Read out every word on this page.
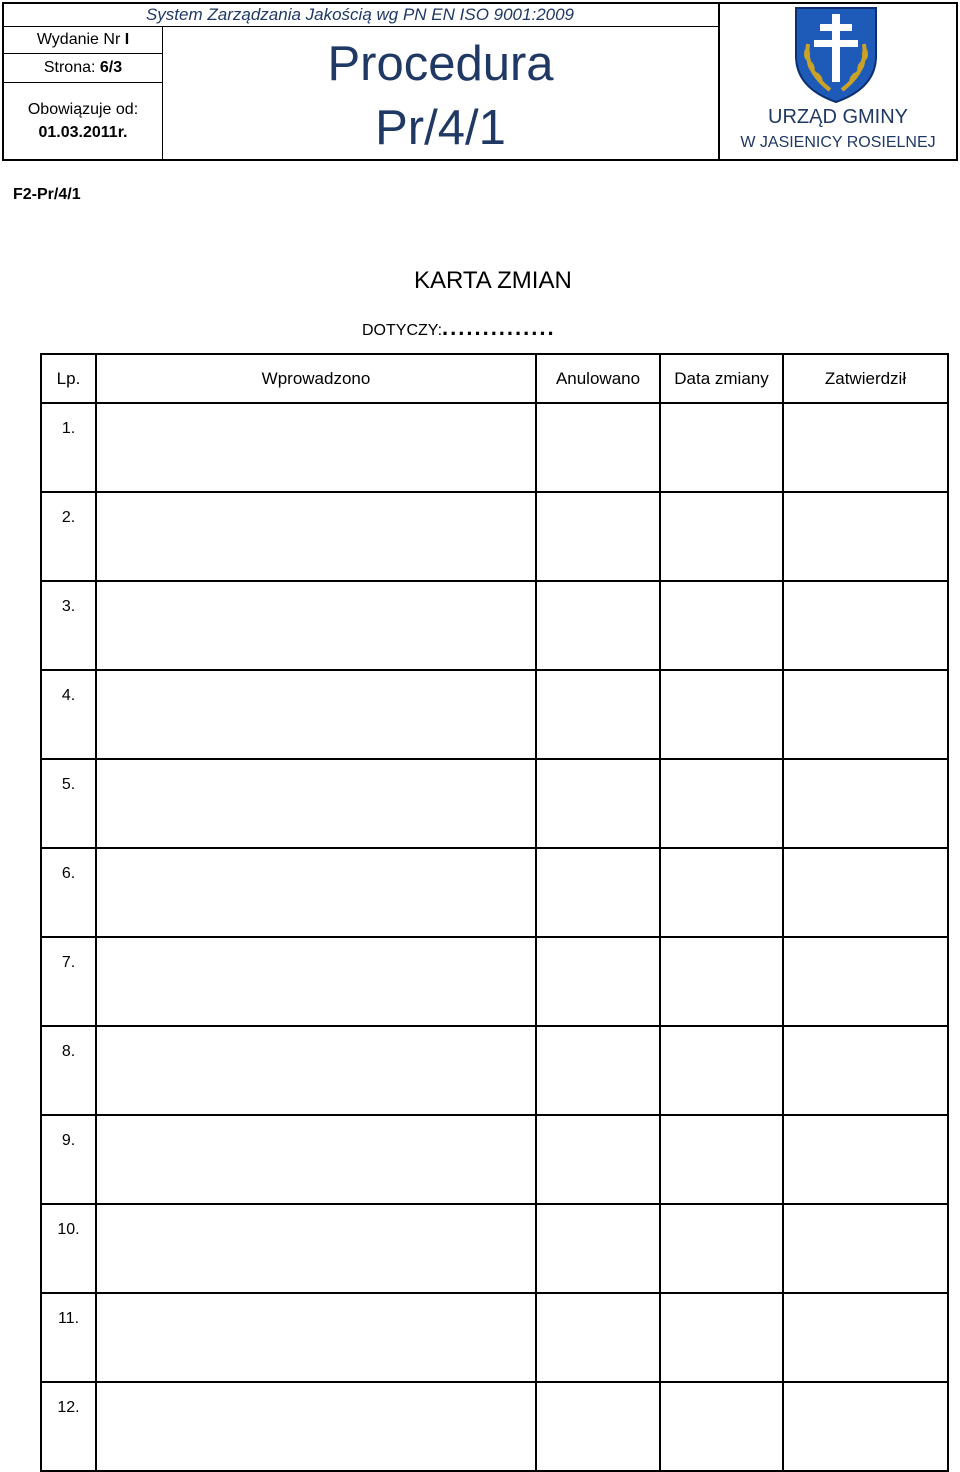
Wydanie Nr I
Strona: 6/3
Obowiązuje od:
01.03.2011r.
System Zarządzania Jakością wg PN EN ISO 9001:2009
Procedura
Pr/4/1	URZĄD GMINY
W JASIENICY ROSIELNEJ
F2-Pr/4/1
KARTA ZMIAN
DOTYCZY:..............
Lp.	Wprowadzono	Anulowano	Data zmiany	Zatwierdził
1.				
2.				
3.				
4.				
5.				
6.				
7.				
8.				
9.				
10.				
11.				
12.				
